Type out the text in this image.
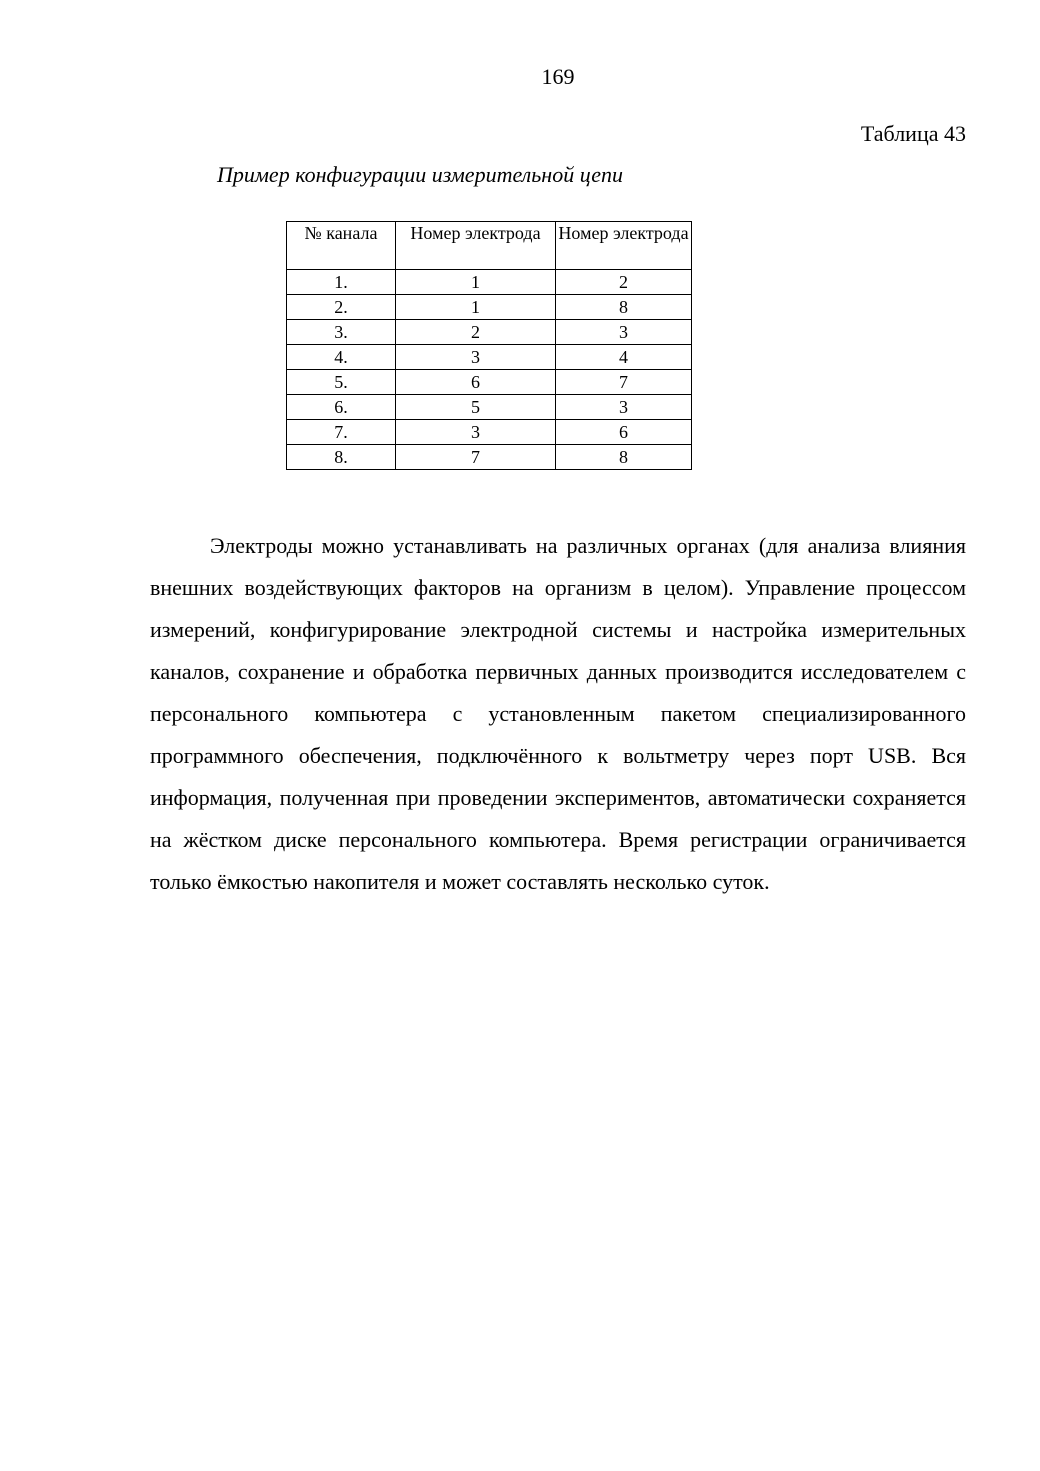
169
Таблица 43
Пример конфигурации измерительной цепи
№ канала	Номер электрода	Номер электрода
1.	1	2
2.	1	8
3.	2	3
4.	3	4
5.	6	7
6.	5	3
7.	3	6
8.	7	8

Электроды можно устанавливать на различных органах (для анализа влияния внешних воздействующих факторов на организм в целом). Управление процессом измерений, конфигурирование электродной системы и настройка измерительных каналов, сохранение и обработка первичных данных производится исследователем с персонального компьютера с установленным пакетом специализированного программного обеспечения, подключённого к вольтметру через порт USB. Вся информация, полученная при проведении экспериментов, автоматически сохраняется на жёстком диске персонального компьютера. Время регистрации ограничивается только ёмкостью накопителя и может составлять несколько суток.
